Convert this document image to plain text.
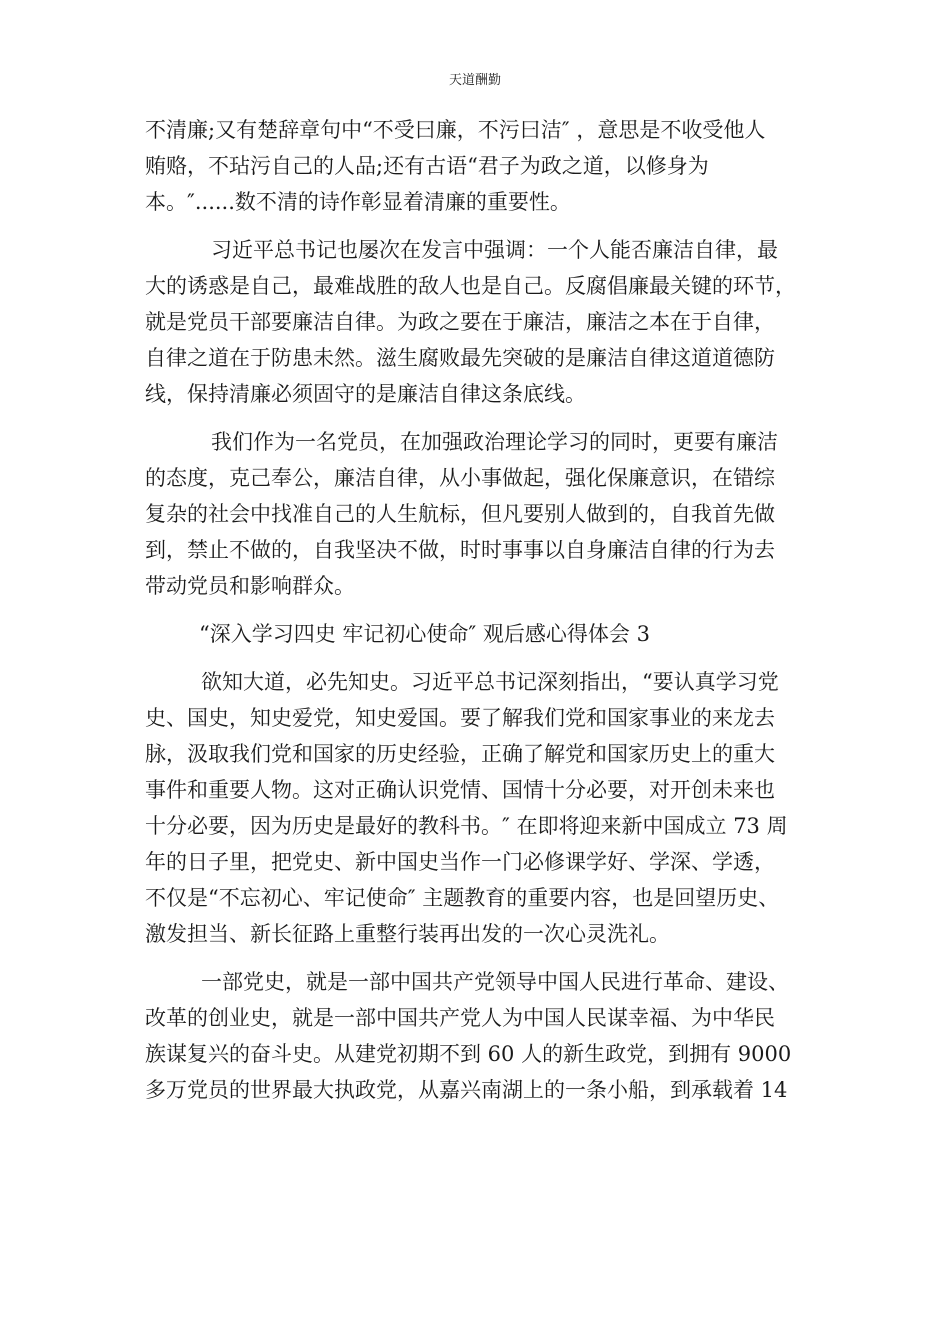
天道酬勤
不清廉;又有楚辞章句中“不受曰廉，不污曰洁″ ，意思是不收受他人
贿赂，不玷污自己的人品;还有古语“君子为政之道，以修身为
本。″......数不清的诗作彰显着清廉的重要性。
习近平总书记也屡次在发言中强调：一个人能否廉洁自律，最
大的诱惑是自己，最难战胜的敌人也是自己。反腐倡廉最关键的环节，
就是党员干部要廉洁自律。为政之要在于廉洁，廉洁之本在于自律，
自律之道在于防患未然。滋生腐败最先突破的是廉洁自律这道道德防
线，保持清廉必须固守的是廉洁自律这条底线。
我们作为一名党员，在加强政治理论学习的同时，更要有廉洁
的态度，克己奉公，廉洁自律，从小事做起，强化保廉意识，在错综
复杂的社会中找准自己的人生航标，但凡要别人做到的，自我首先做
到，禁止不做的，自我坚决不做，时时事事以自身廉洁自律的行为去
带动党员和影响群众。
“深入学习四史 牢记初心使命″ 观后感心得体会 3
欲知大道，必先知史。习近平总书记深刻指出，“要认真学习党
史、国史，知史爱党，知史爱国。要了解我们党和国家事业的来龙去
脉，汲取我们党和国家的历史经验，正确了解党和国家历史上的重大
事件和重要人物。这对正确认识党情、国情十分必要，对开创未来也
十分必要，因为历史是最好的教科书。″ 在即将迎来新中国成立 73 周
年的日子里，把党史、新中国史当作一门必修课学好、学深、学透，
不仅是“不忘初心、牢记使命″ 主题教育的重要内容，也是回望历史、
激发担当、新长征路上重整行装再出发的一次心灵洗礼。
一部党史，就是一部中国共产党领导中国人民进行革命、建设、
改革的创业史，就是一部中国共产党人为中国人民谋幸福、为中华民
族谋复兴的奋斗史。从建党初期不到 60 人的新生政党，到拥有 9000
多万党员的世界最大执政党，从嘉兴南湖上的一条小船，到承载着 14
